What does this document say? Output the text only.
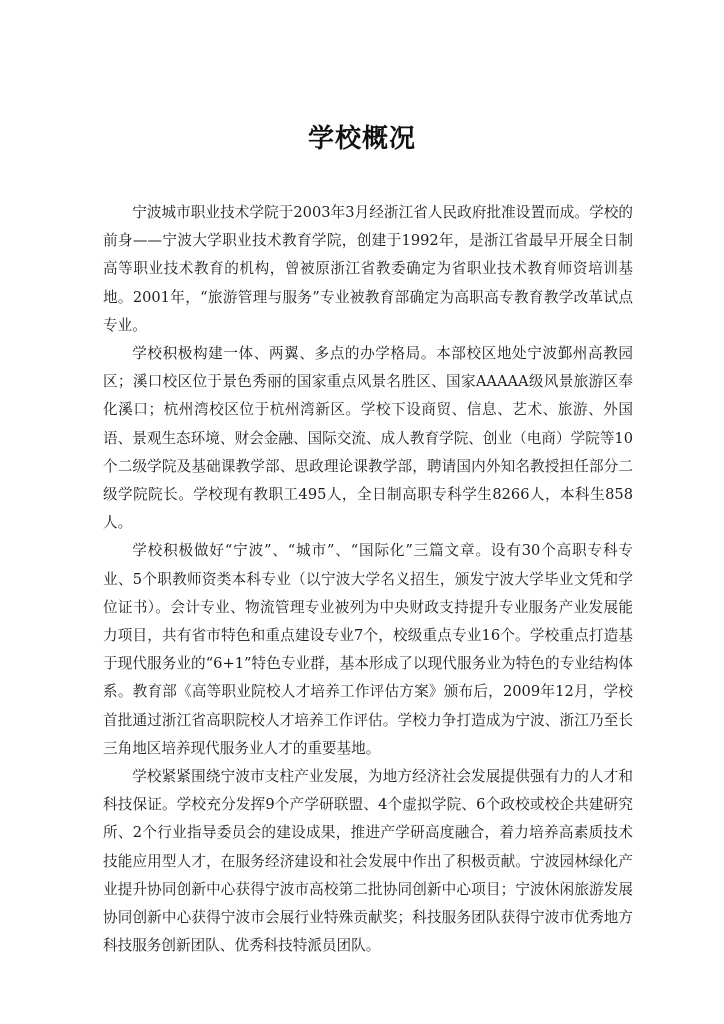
学校概况

宁波城市职业技术学院于2003年3月经浙江省人民政府批准设置而成。学校的前身——宁波大学职业技术教育学院，创建于1992年，是浙江省最早开展全日制高等职业技术教育的机构，曾被原浙江省教委确定为省职业技术教育师资培训基地。2001年，“旅游管理与服务”专业被教育部确定为高职高专教育教学改革试点专业。

学校积极构建一体、两翼、多点的办学格局。本部校区地处宁波鄞州高教园区；溪口校区位于景色秀丽的国家重点风景名胜区、国家AAAAA级风景旅游区奉化溪口；杭州湾校区位于杭州湾新区。学校下设商贸、信息、艺术、旅游、外国语、景观生态环境、财会金融、国际交流、成人教育学院、创业（电商）学院等10个二级学院及基础课教学部、思政理论课教学部，聘请国内外知名教授担任部分二级学院院长。学校现有教职工495人，全日制高职专科学生8266人，本科生858人。

学校积极做好“宁波”、“城市”、“国际化”三篇文章。设有30个高职专科专业、5个职教师资类本科专业（以宁波大学名义招生，颁发宁波大学毕业文凭和学位证书）。会计专业、物流管理专业被列为中央财政支持提升专业服务产业发展能力项目，共有省市特色和重点建设专业7个，校级重点专业16个。学校重点打造基于现代服务业的“6+1”特色专业群，基本形成了以现代服务业为特色的专业结构体系。教育部《高等职业院校人才培养工作评估方案》颁布后，2009年12月，学校首批通过浙江省高职院校人才培养工作评估。学校力争打造成为宁波、浙江乃至长三角地区培养现代服务业人才的重要基地。

学校紧紧围绕宁波市支柱产业发展，为地方经济社会发展提供强有力的人才和科技保证。学校充分发挥9个产学研联盟、4个虚拟学院、6个政校或校企共建研究所、2个行业指导委员会的建设成果，推进产学研高度融合，着力培养高素质技术技能应用型人才，在服务经济建设和社会发展中作出了积极贡献。宁波园林绿化产业提升协同创新中心获得宁波市高校第二批协同创新中心项目；宁波休闲旅游发展协同创新中心获得宁波市会展行业特殊贡献奖；科技服务团队获得宁波市优秀地方科技服务创新团队、优秀科技特派员团队。
